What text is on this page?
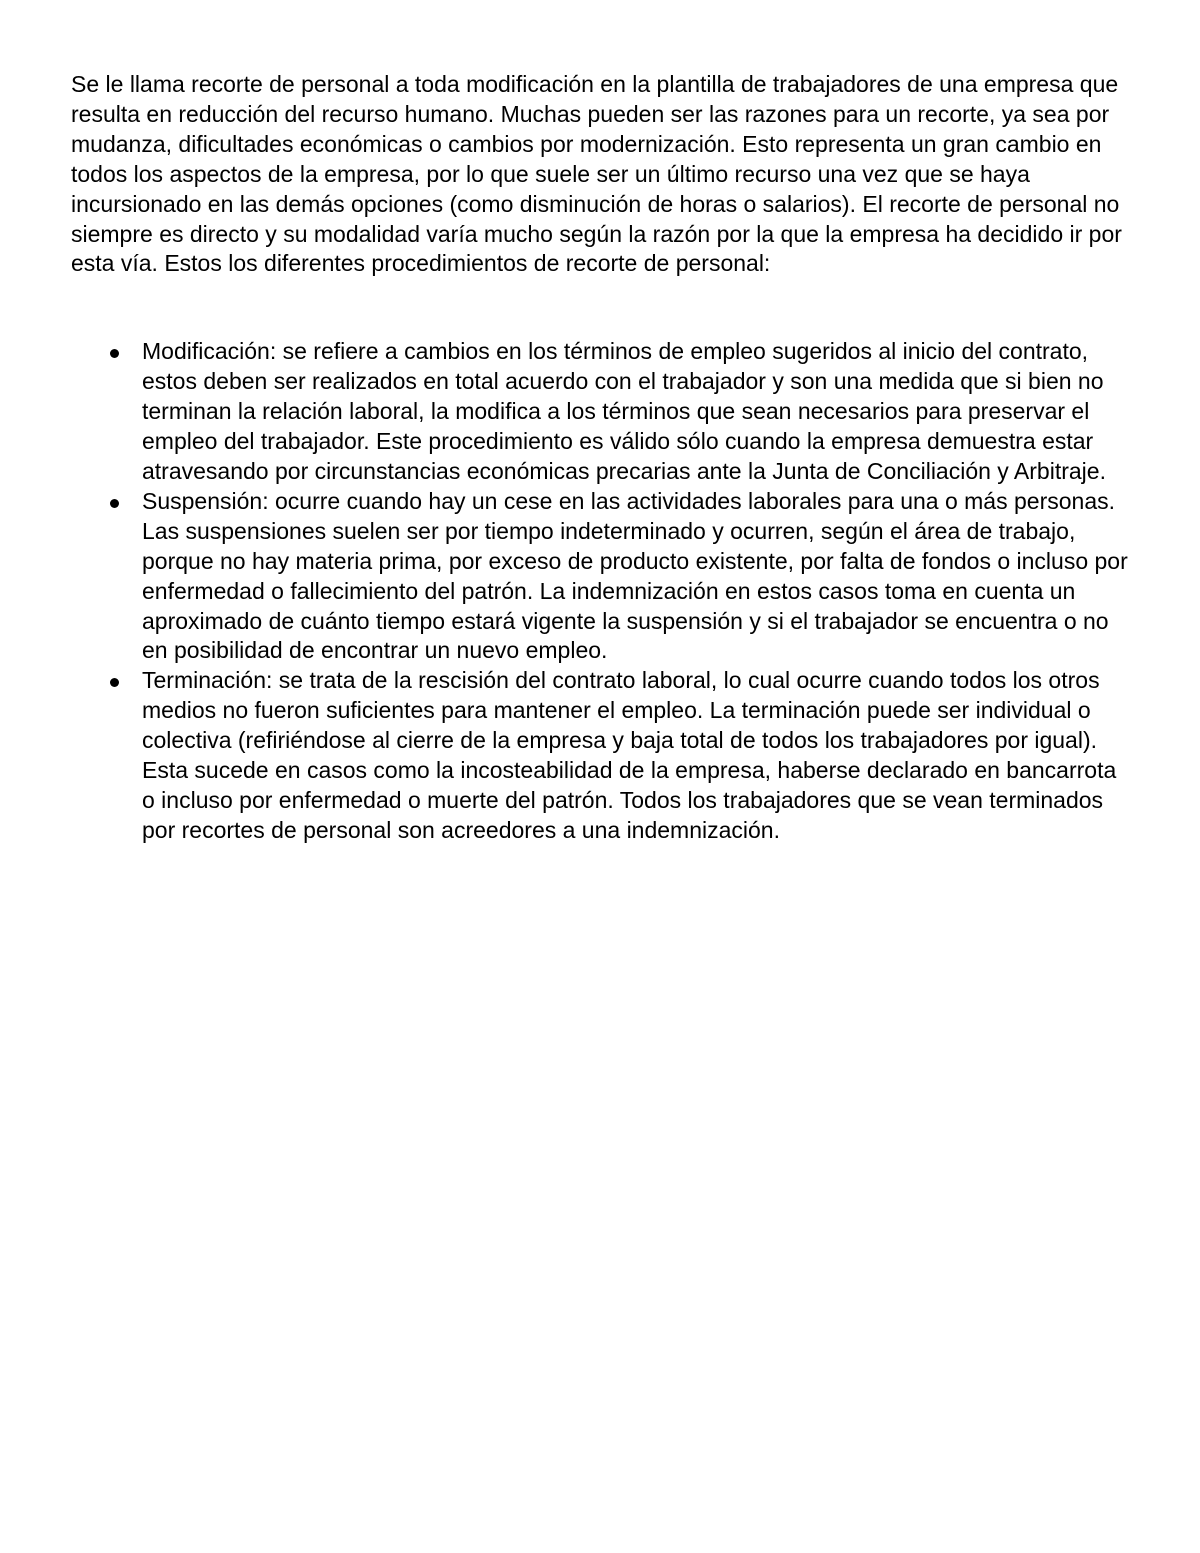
Se le llama recorte de personal a toda modificación en la plantilla de trabajadores de una empresa que resulta en reducción del recurso humano. Muchas pueden ser las razones para un recorte, ya sea por mudanza, dificultades económicas o cambios por modernización. Esto representa un gran cambio en todos los aspectos de la empresa, por lo que suele ser un último recurso una vez que se haya incursionado en las demás opciones (como disminución de horas o salarios). El recorte de personal no siempre es directo y su modalidad varía mucho según la razón por la que la empresa ha decidido ir por esta vía. Estos los diferentes procedimientos de recorte de personal:

Modificación: se refiere a cambios en los términos de empleo sugeridos al inicio del contrato, estos deben ser realizados en total acuerdo con el trabajador y son una medida que si bien no terminan la relación laboral, la modifica a los términos que sean necesarios para preservar el empleo del trabajador. Este procedimiento es válido sólo cuando la empresa demuestra estar atravesando por circunstancias económicas precarias ante la Junta de Conciliación y Arbitraje.
Suspensión: ocurre cuando hay un cese en las actividades laborales para una o más personas. Las suspensiones suelen ser por tiempo indeterminado y ocurren, según el área de trabajo, porque no hay materia prima, por exceso de producto existente, por falta de fondos o incluso por enfermedad o fallecimiento del patrón. La indemnización en estos casos toma en cuenta un aproximado de cuánto tiempo estará vigente la suspensión y si el trabajador se encuentra o no en posibilidad de encontrar un nuevo empleo.
Terminación: se trata de la rescisión del contrato laboral, lo cual ocurre cuando todos los otros medios no fueron suficientes para mantener el empleo. La terminación puede ser individual o colectiva (refiriéndose al cierre de la empresa y baja total de todos los trabajadores por igual). Esta sucede en casos como la incosteabilidad de la empresa, haberse declarado en bancarrota o incluso por enfermedad o muerte del patrón. Todos los trabajadores que se vean terminados por recortes de personal son acreedores a una indemnización.
